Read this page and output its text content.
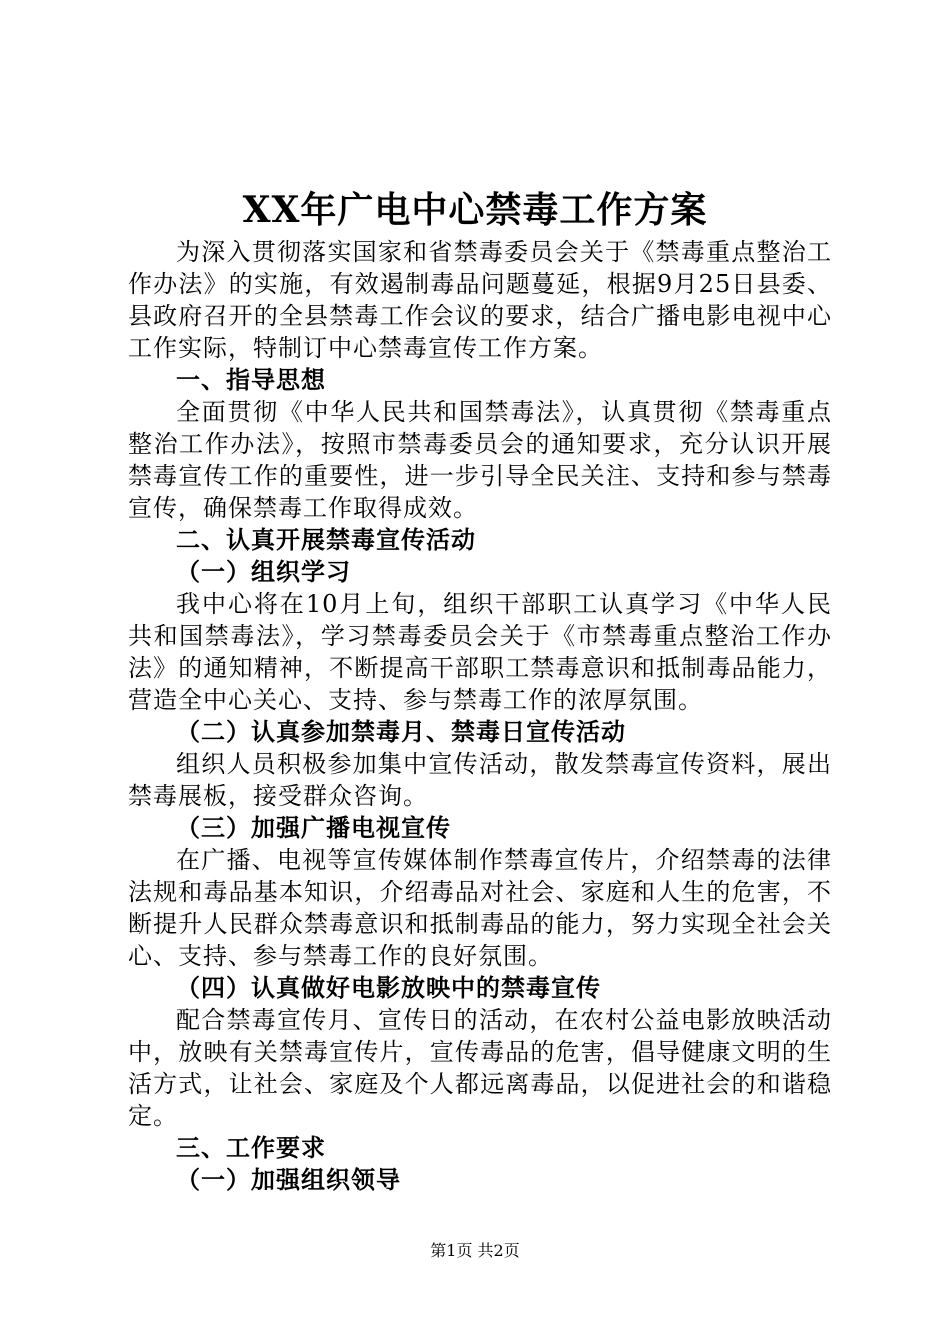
XX年广电中心禁毒工作方案

为深入贯彻落实国家和省禁毒委员会关于《禁毒重点整治工作办法》的实施，有效遏制毒品问题蔓延，根据9月25日县委、县政府召开的全县禁毒工作会议的要求，结合广播电影电视中心工作实际，特制订中心禁毒宣传工作方案。

一、指导思想

全面贯彻《中华人民共和国禁毒法》，认真贯彻《禁毒重点整治工作办法》，按照市禁毒委员会的通知要求，充分认识开展禁毒宣传工作的重要性，进一步引导全民关注、支持和参与禁毒宣传，确保禁毒工作取得成效。

二、认真开展禁毒宣传活动

（一）组织学习

我中心将在10月上旬，组织干部职工认真学习《中华人民共和国禁毒法》，学习禁毒委员会关于《市禁毒重点整治工作办法》的通知精神，不断提高干部职工禁毒意识和抵制毒品能力，营造全中心关心、支持、参与禁毒工作的浓厚氛围。

（二）认真参加禁毒月、禁毒日宣传活动

组织人员积极参加集中宣传活动，散发禁毒宣传资料，展出禁毒展板，接受群众咨询。

（三）加强广播电视宣传

在广播、电视等宣传媒体制作禁毒宣传片，介绍禁毒的法律法规和毒品基本知识，介绍毒品对社会、家庭和人生的危害，不断提升人民群众禁毒意识和抵制毒品的能力，努力实现全社会关心、支持、参与禁毒工作的良好氛围。

（四）认真做好电影放映中的禁毒宣传

配合禁毒宣传月、宣传日的活动，在农村公益电影放映活动中，放映有关禁毒宣传片，宣传毒品的危害，倡导健康文明的生活方式，让社会、家庭及个人都远离毒品，以促进社会的和谐稳定。

三、工作要求

（一）加强组织领导

第1页 共2页
